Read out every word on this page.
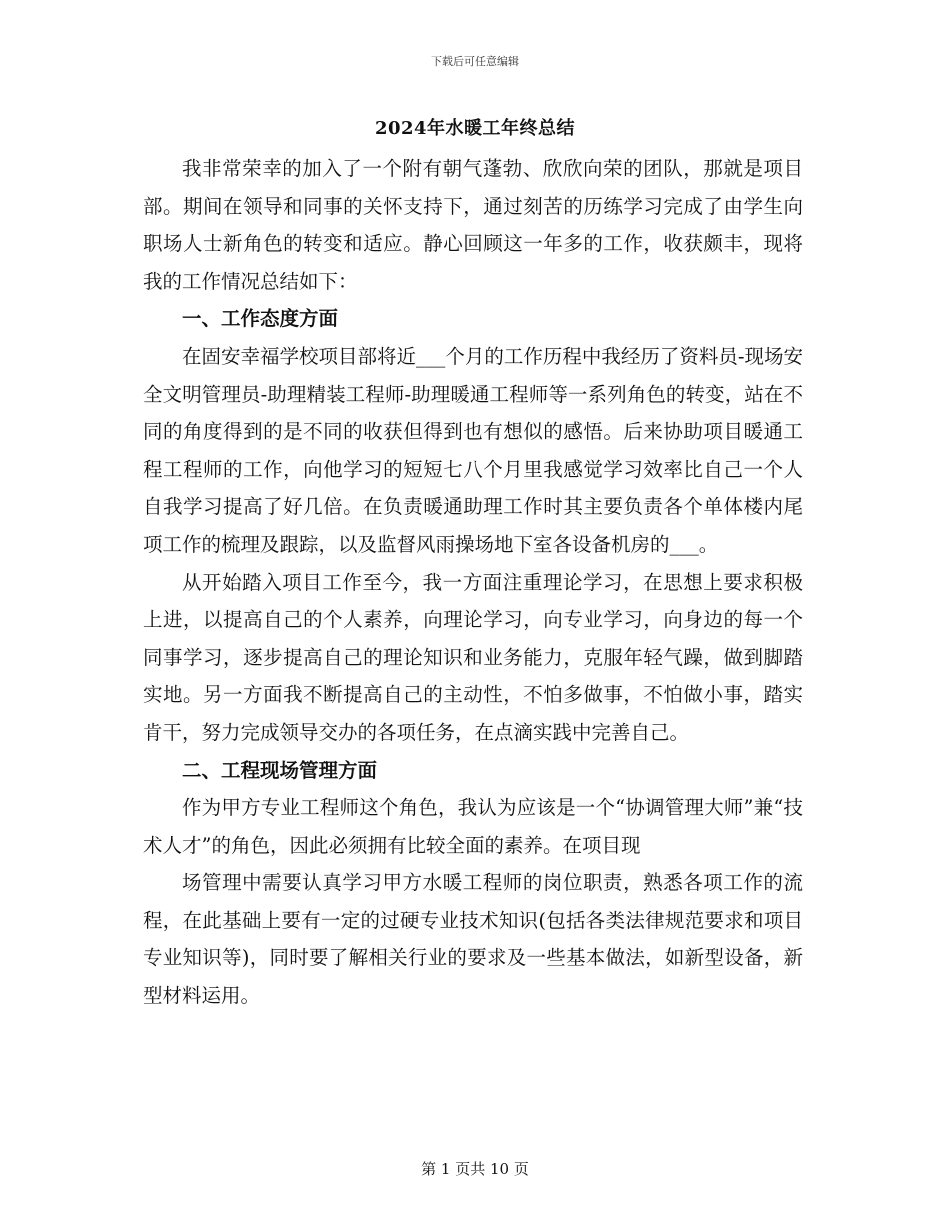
下载后可任意编辑
2024年水暖工年终总结

我非常荣幸的加入了一个附有朝气蓬勃、欣欣向荣的团队，那就是项目部。期间在领导和同事的关怀支持下，通过刻苦的历练学习完成了由学生向职场人士新角色的转变和适应。静心回顾这一年多的工作，收获颇丰，现将我的工作情况总结如下：

一、工作态度方面

在固安幸福学校项目部将近___个月的工作历程中我经历了资料员-现场安全文明管理员-助理精装工程师-助理暖通工程师等一系列角色的转变，站在不同的角度得到的是不同的收获但得到也有想似的感悟。后来协助项目暖通工程工程师的工作，向他学习的短短七八个月里我感觉学习效率比自己一个人自我学习提高了好几倍。在负责暖通助理工作时其主要负责各个单体楼内尾项工作的梳理及跟踪，以及监督风雨操场地下室各设备机房的___。

从开始踏入项目工作至今，我一方面注重理论学习，在思想上要求积极上进，以提高自己的个人素养，向理论学习，向专业学习，向身边的每一个同事学习，逐步提高自己的理论知识和业务能力，克服年轻气躁，做到脚踏实地。另一方面我不断提高自己的主动性，不怕多做事，不怕做小事，踏实肯干，努力完成领导交办的各项任务，在点滴实践中完善自己。

二、工程现场管理方面

作为甲方专业工程师这个角色，我认为应该是一个“协调管理大师”兼“技术人才”的角色，因此必须拥有比较全面的素养。在项目现

场管理中需要认真学习甲方水暖工程师的岗位职责，熟悉各项工作的流程，在此基础上要有一定的过硬专业技术知识(包括各类法律规范要求和项目专业知识等)，同时要了解相关行业的要求及一些基本做法，如新型设备，新型材料运用。

第 1 页共 10 页
